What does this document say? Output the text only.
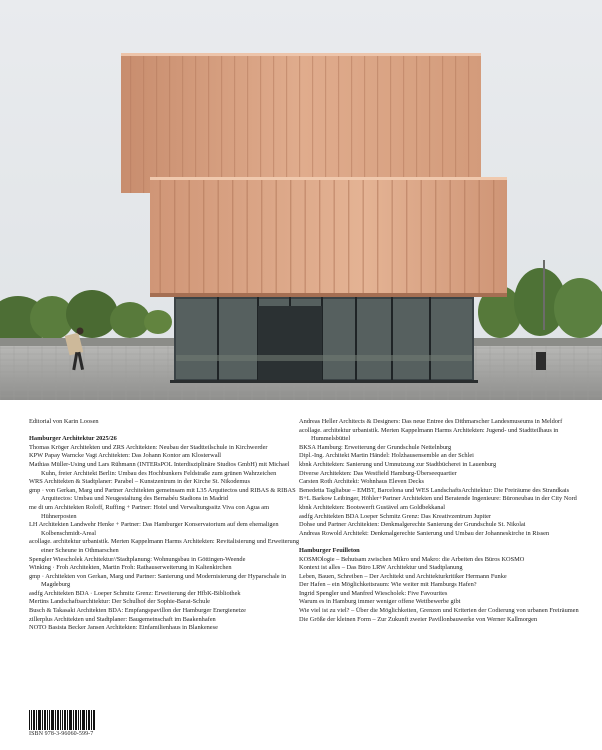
Editorial von Karin Loosen
Hamburger Architektur 2025/26
Thomas Kröger Architekten und ZRS Architekten: Neubau der Stadtteilschule in Kirchwerder
KPW Papay Warncke Vagt Architekten: Das Johann Kontor am Klosterwall
Mathias Müller-Using und Lars Rühmann (INTERsPOL Interdisziplinäre Studios GmbH) mit Michael Kuhn, freier Architekt Berlin: Umbau des Hochbunkers Feldstraße zum grünen Wahrzeichen
WRS Architekten & Stadtplaner: Parabel – Kunstzentrum in der Kirche St. Nikodemus
gmp · von Gerkan, Marg und Partner Architekten gemeinsam mit L35 Arquitectos und RIBAS & RIBAS Arquitectos: Umbau und Neugestaltung des Bernabéu Stadions in Madrid
me di um Architekten Roloff, Ruffing + Partner: Hotel und Verwaltungssitz Viva con Agua am Hühnerposten
LH Architekten Landwehr Henke + Partner: Das Hamburger Konservatorium auf dem ehemaligen Kolbenschmidt-Areal
acollage. architektur urbanistik. Merten Kappelmann Harms Architekten: Revitalisierung und Erweiterung einer Scheune in Othmarschen
Spengler Wiescholek Architektur//Stadtplanung: Wohnungsbau in Göttingen-Weende
Winking · Froh Architekten, Martin Froh: Rathauserweiterung in Kaltenkirchen
gmp · Architekten von Gerkan, Marg und Partner: Sanierung und Modernisierung der Hyparschale in Magdeburg
asdfg Architekten BDA · Loeper Schmitz Grenz: Erweiterung der HfbK-Bibliothek
Mertins Landschaftsarchitektur: Der Schulhof der Sophie-Barat-Schule
Busch & Takasaki Architekten BDA: Empfangspavillon der Hamburger Energienetze
zillerplus Architekten und Stadtplaner: Baugemeinschaft im Baakenhafen
NOTO Basista Becker Jansen Architekten: Einfamilienhaus in Blankenese
Andreas Heller Architects & Designers: Das neue Entree des Dithmarscher Landesmuseums in Meldorf
acollage. architektur urbanistik. Merten Kappelmann Harms Architekten: Jugend- und Stadtteilhaus in Hummelsbüttel
BKSA Hamburg: Erweiterung der Grundschule Nettelnburg
Dipl.-Ing. Architekt Martin Händel: Holzhausensemble an der Schlei
kbnk Architekten: Sanierung und Umnutzung zur Stadtbücherei in Lauenburg
Diverse Architekten: Das Westfield Hamburg-Überseequartier
Carsten Roth Architekt: Wohnhaus Eleven Decks
Benedetta Tagliabue – EMBT, Barcelona und WES LandschaftsArchitektur: Die Freiräume des Strandkais
B+L Barkow Leibinger, Höhler+Partner Architekten und Beratende Ingenieure: Büroneubau in der City Nord
kbnk Architekten: Bootswerft Gustävel am Goldbekkanal
asdfg Architekten BDA Loeper Schmitz Grenz: Das Kreativzentrum Jupiter
Dohse und Partner Architekten: Denkmalgerechte Sanierung der Grundschule St. Nikolai
Andreas Rowold Architekt: Denkmalgerechte Sanierung und Umbau der Johanneskirche in Rissen
Hamburger Feuilleton
KOSMOlogie – Behutsam zwischen Mikro und Makro: die Arbeiten des Büros KOSMO
Kontext ist alles – Das Büro LRW Architektur und Stadtplanung
Leben, Bauen, Schreiben – Der Architekt und Architekturkritiker Hermann Funke
Der Hafen – ein Möglichkeitsraum: Wie weiter mit Hamburgs Hafen?
Ingrid Spengler und Manfred Wiescholek: Five Favourites
Warum es in Hamburg immer weniger offene Wettbewerbe gibt
Wie viel ist zu viel? – Über die Möglichkeiten, Grenzen und Kriterien der Codierung von urbanen Freiräumen
Die Größe der kleinen Form – Zur Zukunft zweier Pavillonbauwerke von Werner Kallmorgen
ISBN 978-3-96060-599-7
